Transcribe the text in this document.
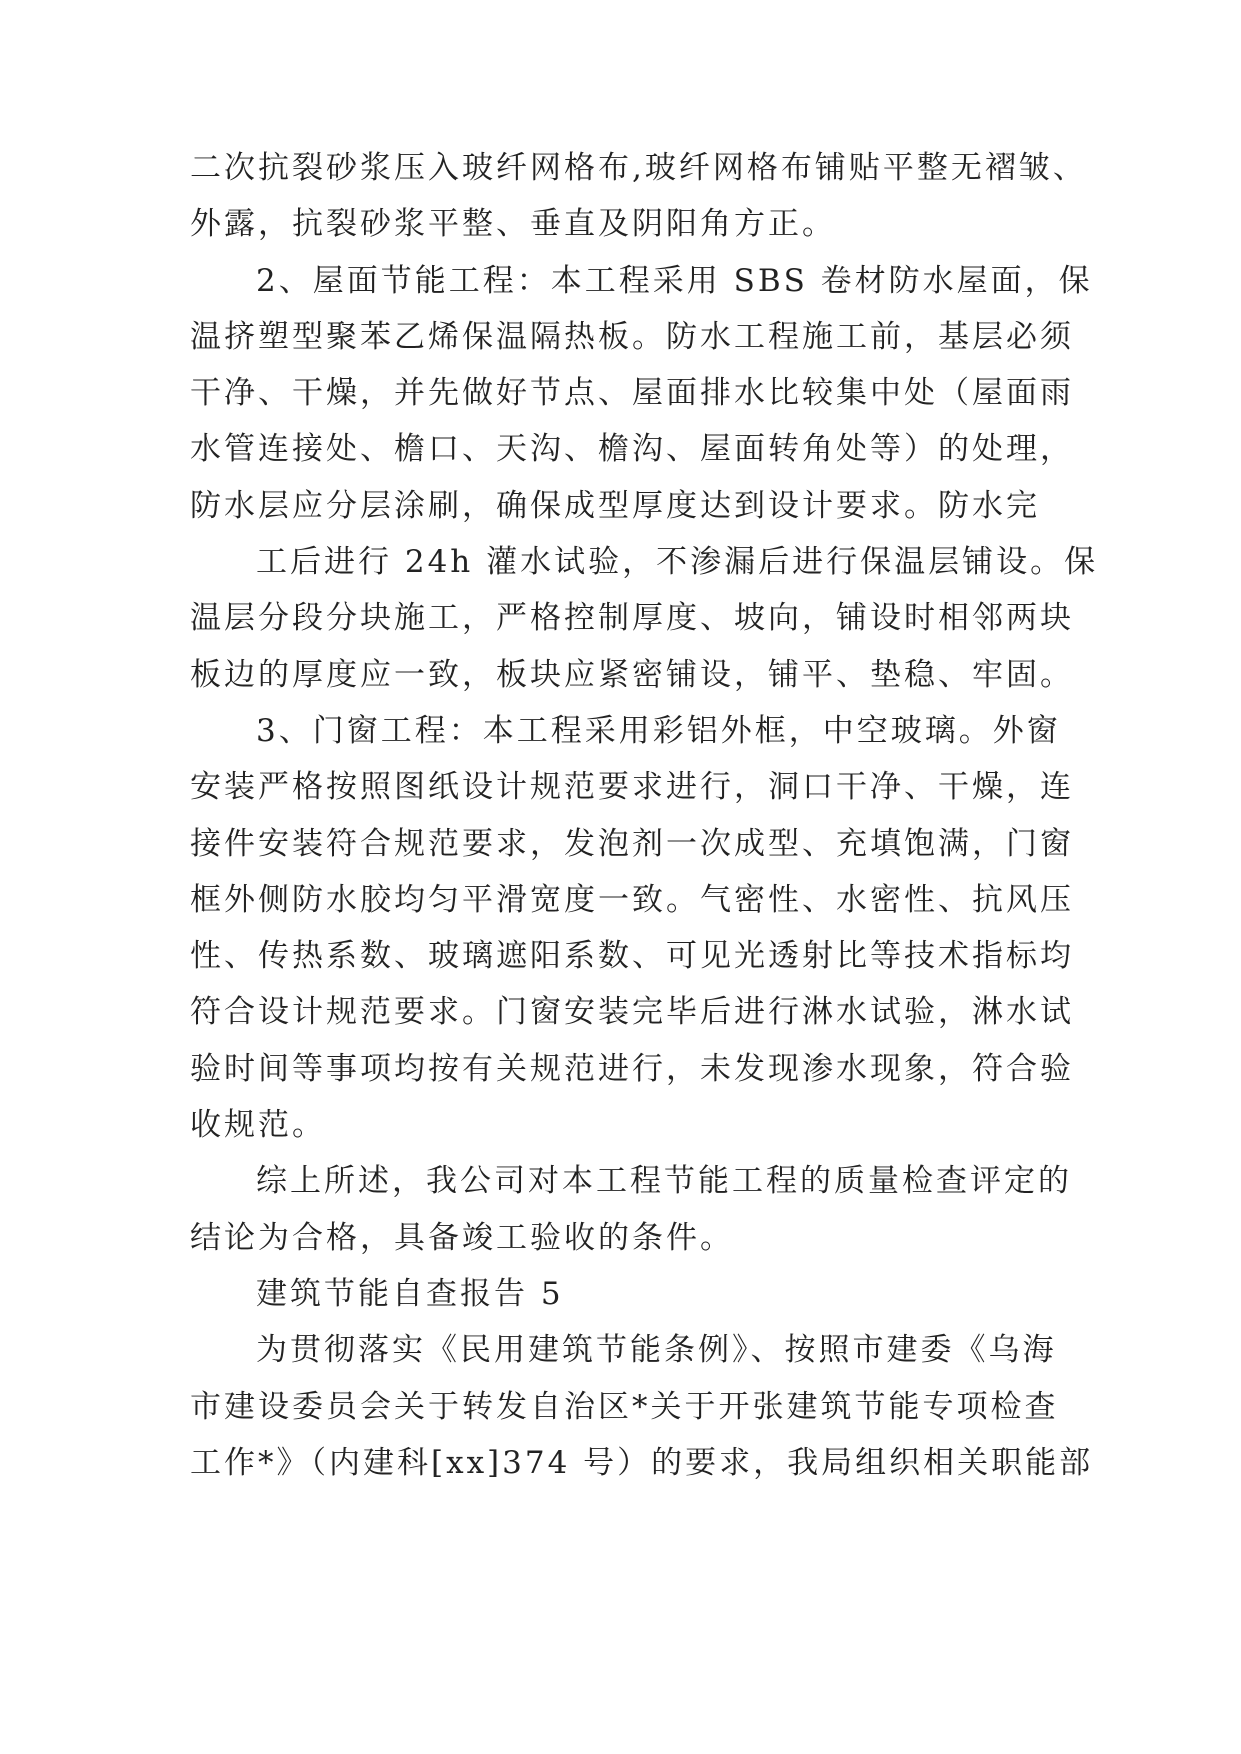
二次抗裂砂浆压入玻纤网格布,玻纤网格布铺贴平整无褶皱、
外露，抗裂砂浆平整、垂直及阴阳角方正。
2、屋面节能工程：本工程采用 SBS 卷材防水屋面，保
温挤塑型聚苯乙烯保温隔热板。防水工程施工前，基层必须
干净、干燥，并先做好节点、屋面排水比较集中处（屋面雨
水管连接处、檐口、天沟、檐沟、屋面转角处等）的处理，
防水层应分层涂刷，确保成型厚度达到设计要求。防水完
工后进行 24h 灌水试验，不渗漏后进行保温层铺设。保
温层分段分块施工，严格控制厚度、坡向，铺设时相邻两块
板边的厚度应一致，板块应紧密铺设，铺平、垫稳、牢固。
3、门窗工程：本工程采用彩铝外框，中空玻璃。外窗
安装严格按照图纸设计规范要求进行，洞口干净、干燥，连
接件安装符合规范要求，发泡剂一次成型、充填饱满，门窗
框外侧防水胶均匀平滑宽度一致。气密性、水密性、抗风压
性、传热系数、玻璃遮阳系数、可见光透射比等技术指标均
符合设计规范要求。门窗安装完毕后进行淋水试验，淋水试
验时间等事项均按有关规范进行，未发现渗水现象，符合验
收规范。
综上所述，我公司对本工程节能工程的质量检查评定的
结论为合格，具备竣工验收的条件。
建筑节能自查报告 5
为贯彻落实《民用建筑节能条例》、按照市建委《乌海
市建设委员会关于转发自治区*关于开张建筑节能专项检查
工作*》（内建科[xx]374 号）的要求，我局组织相关职能部
